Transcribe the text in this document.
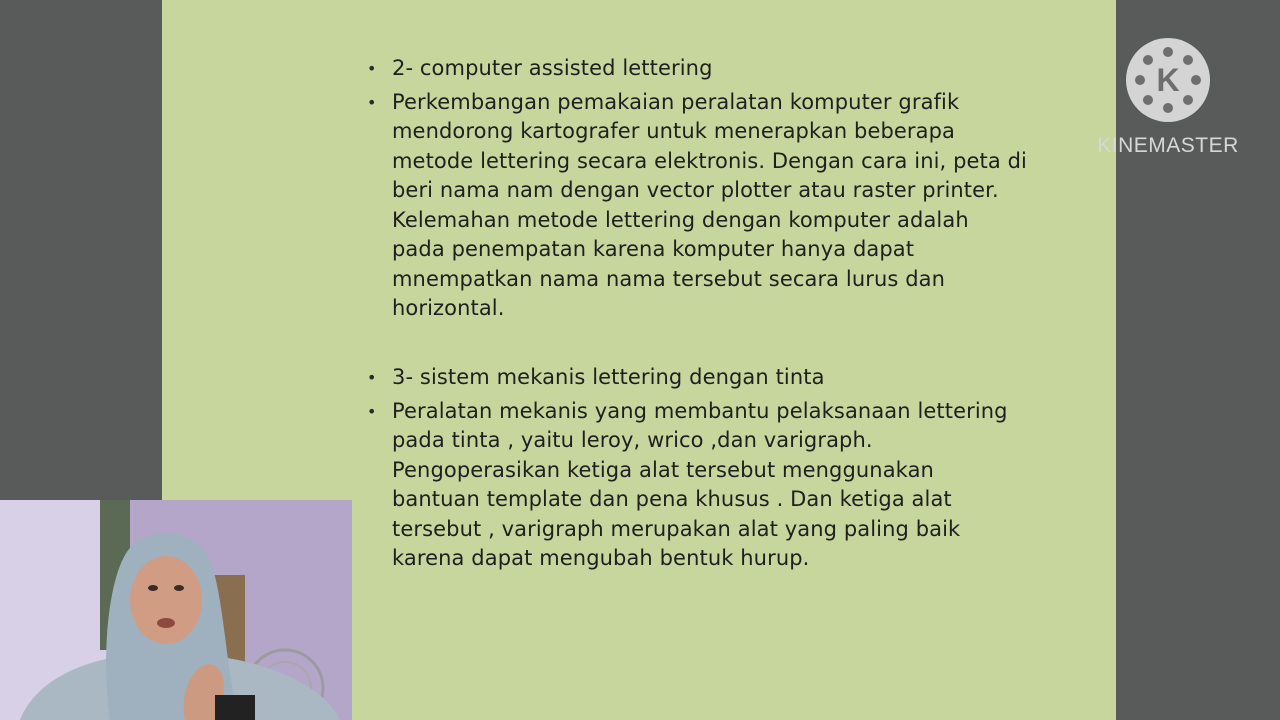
• 2- computer assisted lettering
• Perkembangan pemakaian peralatan komputer grafik mendorong kartografer untuk menerapkan beberapa metode lettering secara elektronis. Dengan cara ini, peta di beri nama nam dengan vector plotter atau raster printer. Kelemahan metode lettering dengan komputer adalah pada penempatan karena komputer hanya dapat mnempatkan nama nama tersebut secara lurus dan horizontal.
• 3- sistem mekanis lettering dengan tinta
• Peralatan mekanis yang membantu pelaksanaan lettering pada tinta , yaitu leroy, wrico ,dan varigraph. Pengoperasikan ketiga alat tersebut menggunakan bantuan template dan pena khusus . Dan ketiga alat tersebut , varigraph merupakan alat yang paling baik karena dapat mengubah bentuk hurup.
K
KINEMASTER
